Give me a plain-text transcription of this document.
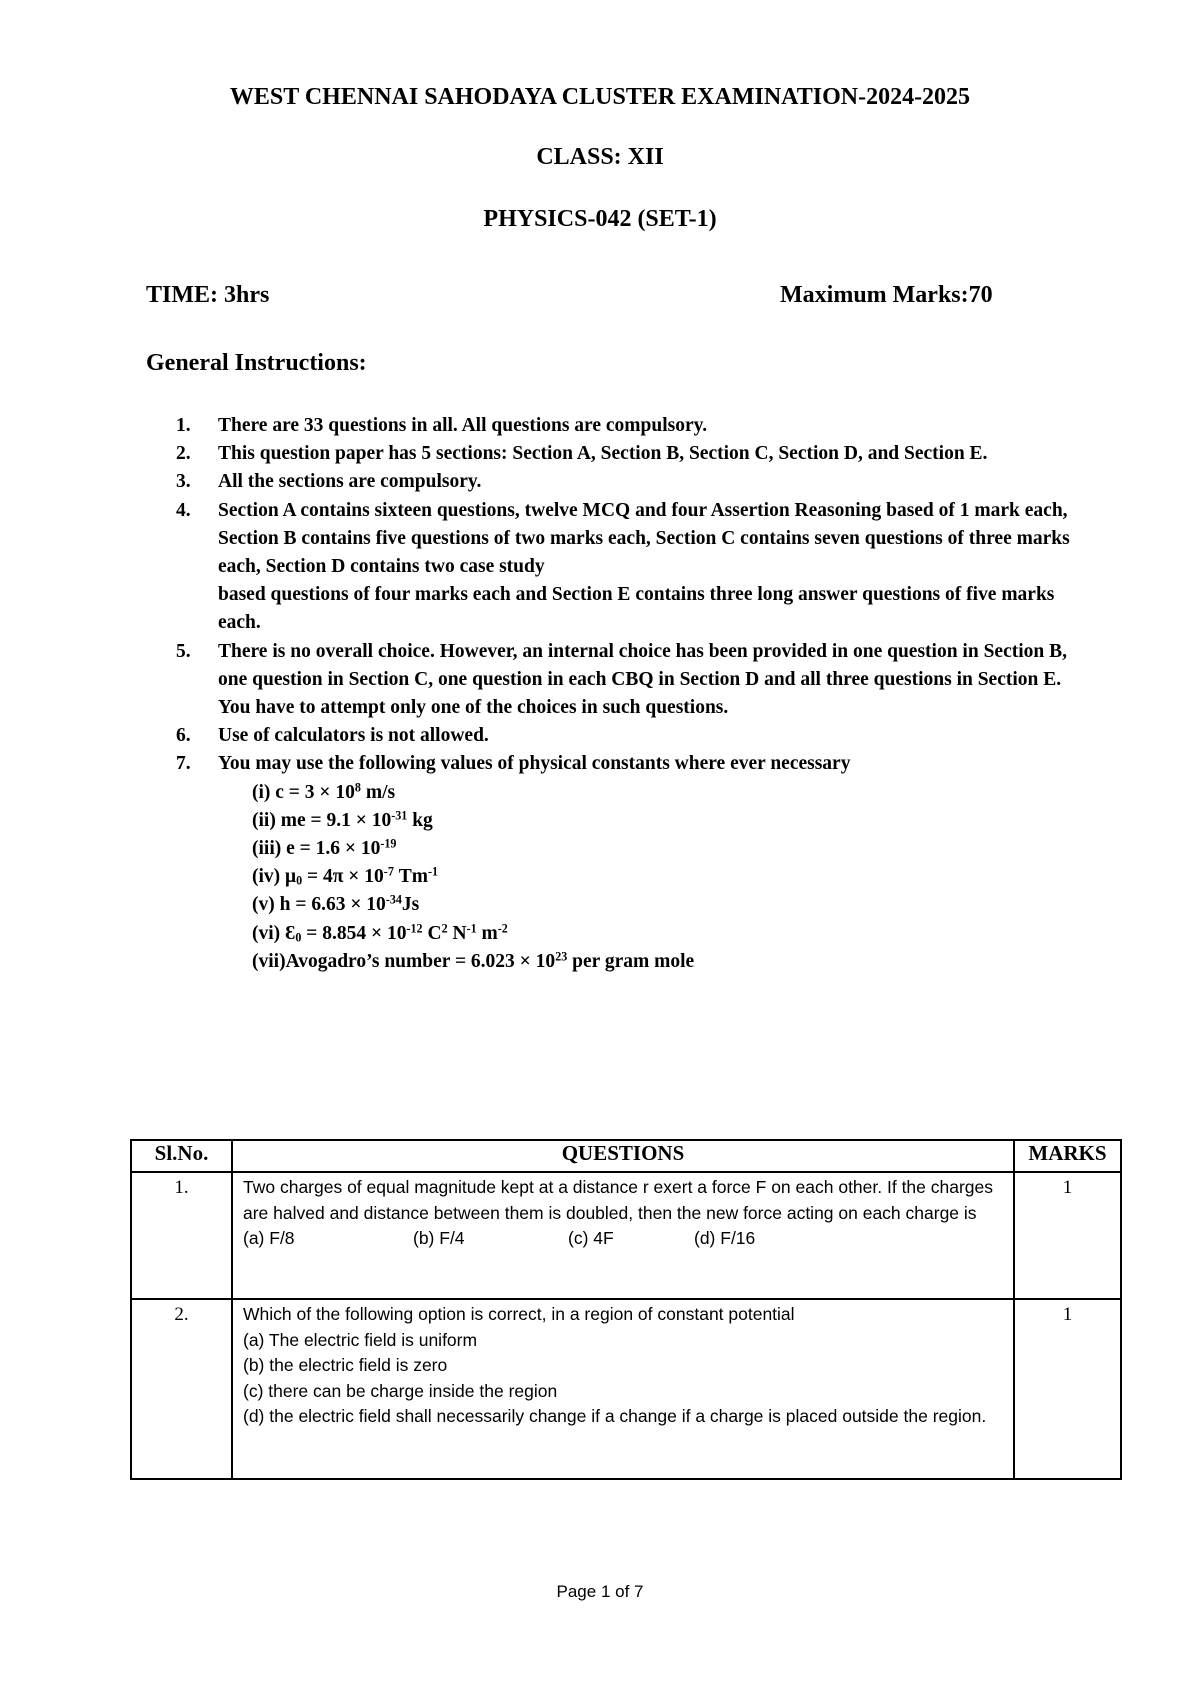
WEST CHENNAI SAHODAYA CLUSTER EXAMINATION-2024-2025
CLASS: XII
PHYSICS-042 (SET-1)
TIME: 3hrs	Maximum Marks:70
General Instructions:
1. There are 33 questions in all. All questions are compulsory.
2. This question paper has 5 sections: Section A, Section B, Section C, Section D, and Section E.
3. All the sections are compulsory.
4. Section A contains sixteen questions, twelve MCQ and four Assertion Reasoning based of 1 mark each, Section B contains five questions of two marks each, Section C contains seven questions of three marks each, Section D contains two case study
based questions of four marks each and Section E contains three long answer questions of five marks each.
5. There is no overall choice. However, an internal choice has been provided in one question in Section B, one question in Section C, one question in each CBQ in Section D and all three questions in Section E. You have to attempt only one of the choices in such questions.
6. Use of calculators is not allowed.
7. You may use the following values of physical constants where ever necessary
(i) $c = 3 \times 10^8$ m/s
(ii) me = $9.1 \times 10^{-31}$ kg
(iii) $e = 1.6 \times 10^{-19}$
(iv) $\mu_0 = 4\pi \times 10^{-7}$ $Tm^{-1}$
(v) $h = 6.63 \times 10^{-34}Js$
(vi) $Ɛ_0 = 8.854 \times 10^{-12}$ $C^2$ $N^{-1}$ $m^{-2}$
(vii)Avogadro’s number = $6.023 \times 10^{23}$ per gram mole
Sl.No.	QUESTIONS	MARKS
1.	Two charges of equal magnitude kept at a distance r exert a force F on each other. If the charges are halved and distance between them is doubled, then the new force acting on each charge is
(a) F/8 (b) F/4 (c) 4F (d) F/16	1
2.	Which of the following option is correct, in a region of constant potential
(a) The electric field is uniform
(b) the electric field is zero
(c) there can be charge inside the region
(d) the electric field shall necessarily change if a change if a charge is placed outside the region.	1
Page 1 of 7
